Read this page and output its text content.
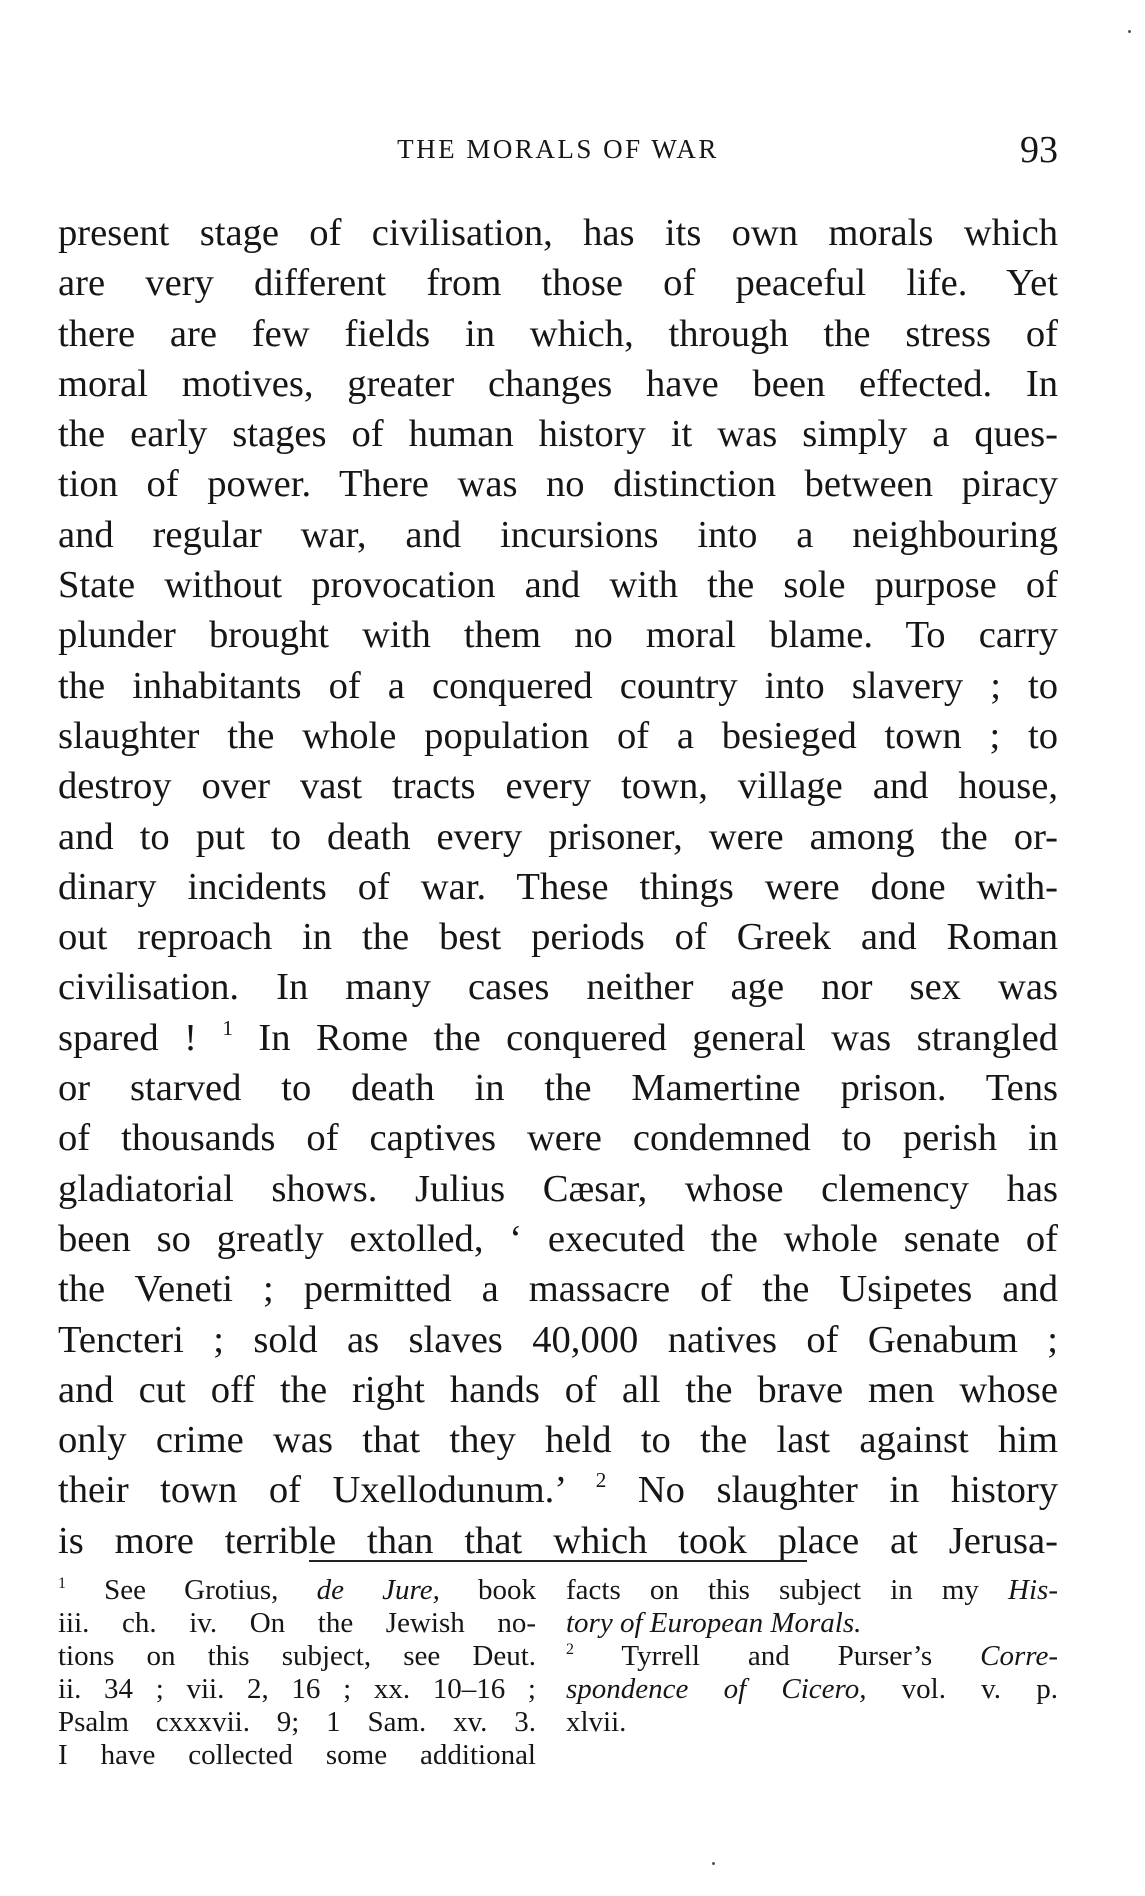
THE MORALS OF WAR	93
present stage of civilisation, has its own morals which
are very different from those of peaceful life. Yet
there are few fields in which, through the stress of
moral motives, greater changes have been effected. In
the early stages of human history it was simply a ques-
tion of power. There was no distinction between piracy
and regular war, and incursions into a neighbouring
State without provocation and with the sole purpose of
plunder brought with them no moral blame. To carry
the inhabitants of a conquered country into slavery ; to
slaughter the whole population of a besieged town ; to
destroy over vast tracts every town, village and house,
and to put to death every prisoner, were among the or-
dinary incidents of war. These things were done with-
out reproach in the best periods of Greek and Roman
civilisation. In many cases neither age nor sex was
spared ! $^1$ In Rome the conquered general was strangled
or starved to death in the Mamertine prison. Tens
of thousands of captives were condemned to perish in
gladiatorial shows. Julius Cæsar, whose clemency has
been so greatly extolled, ‘ executed the whole senate of
the Veneti ; permitted a massacre of the Usipetes and
Tencteri ; sold as slaves 40,000 natives of Genabum ;
and cut off the right hands of all the brave men whose
only crime was that they held to the last against him
their town of Uxellodunum.’ $^2$ No slaughter in history
is more terrible than that which took place at Jerusa-
$^1$ See Grotius, de Jure, book
iii. ch. iv. On the Jewish no-
tions on this subject, see Deut.
ii. 34 ; vii. 2, 16 ; xx. 10–16 ;
Psalm cxxxvii. 9; 1 Sam. xv. 3.
I have collected some additional
facts on this subject in my His-
tory of European Morals.
$^2$ Tyrrell and Purser’s Corre-
spondence of Cicero, vol. v. p.
xlvii.
